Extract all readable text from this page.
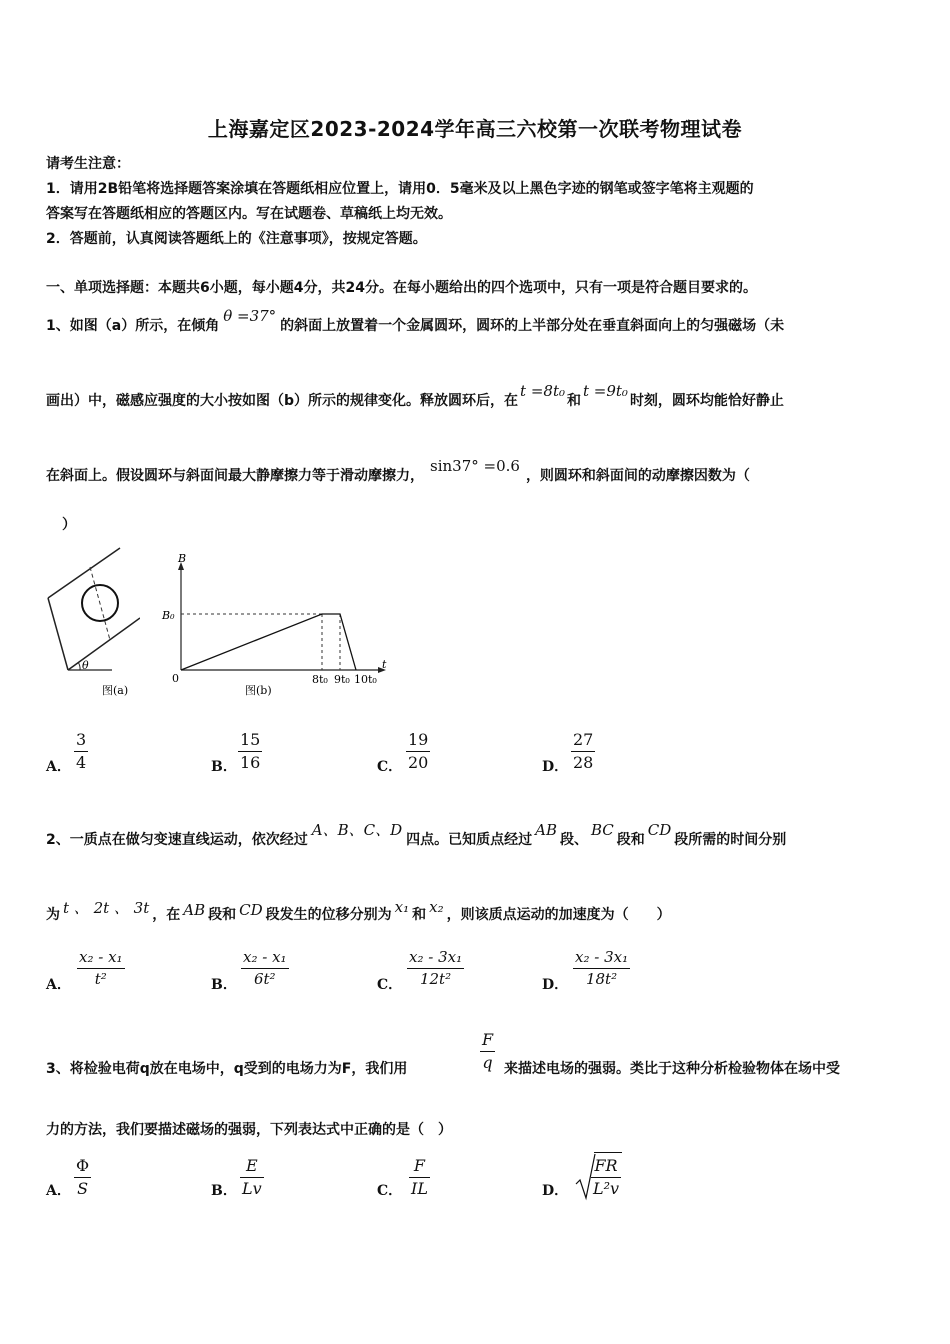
上海嘉定区2023-2024学年高三六校第一次联考物理试卷
请考生注意：
1．请用2B铅笔将选择题答案涂填在答题纸相应位置上，请用0．5毫米及以上黑色字迹的钢笔或签字笔将主观题的
答案写在答题纸相应的答题区内。写在试题卷、草稿纸上均无效。
2．答题前，认真阅读答题纸上的《注意事项》，按规定答题。
一、单项选择题：本题共6小题，每小题4分，共24分。在每小题给出的四个选项中，只有一项是符合题目要求的。
1、如图（a）所示，在倾角θ =37°的斜面上放置着一个金属圆环，圆环的上半部分处在垂直斜面向上的匀强磁场（未
画出）中，磁感应强度的大小按如图（b）所示的规律变化。释放圆环后，在t =8t₀和t =9t₀时刻，圆环均能恰好静止
在斜面上。假设圆环与斜面间最大静摩擦力等于滑动摩擦力，sin37° =0.6，则圆环和斜面间的动摩擦因数为（
）
θ
图(a)
B
t
B₀
0	8t₀ 9t₀ 10t₀
图(b)
A．
3
4	B．
15
16	C．
19
20	D．
27
28
2、一质点在做匀变速直线运动，依次经过A、B、C、D四点。已知质点经过AB段、BC段和CD段所需的时间分别
为 t 、 2t 、 3t ，在 AB 段和 CD 段发生的位移分别为 x₁ 和 x₂ ，则该质点运动的加速度为（　　）
A．
x₂ - x₁
t²	B．
x₂ - x₁
6t²	C．
x₂ - 3x₁
12t²	D．
x₂ - 3x₁
18t²
3、将检验电荷q放在电场中，q受到的电场力为F，我们用
F
q 来描述电场的强弱。类比于这种分析检验物体在场中受
力的方法，我们要描述磁场的强弱，下列表达式中正确的是（　）
A．
Φ
S	B．
E
Lv	C．
F
IL	D．
FR
L²v
